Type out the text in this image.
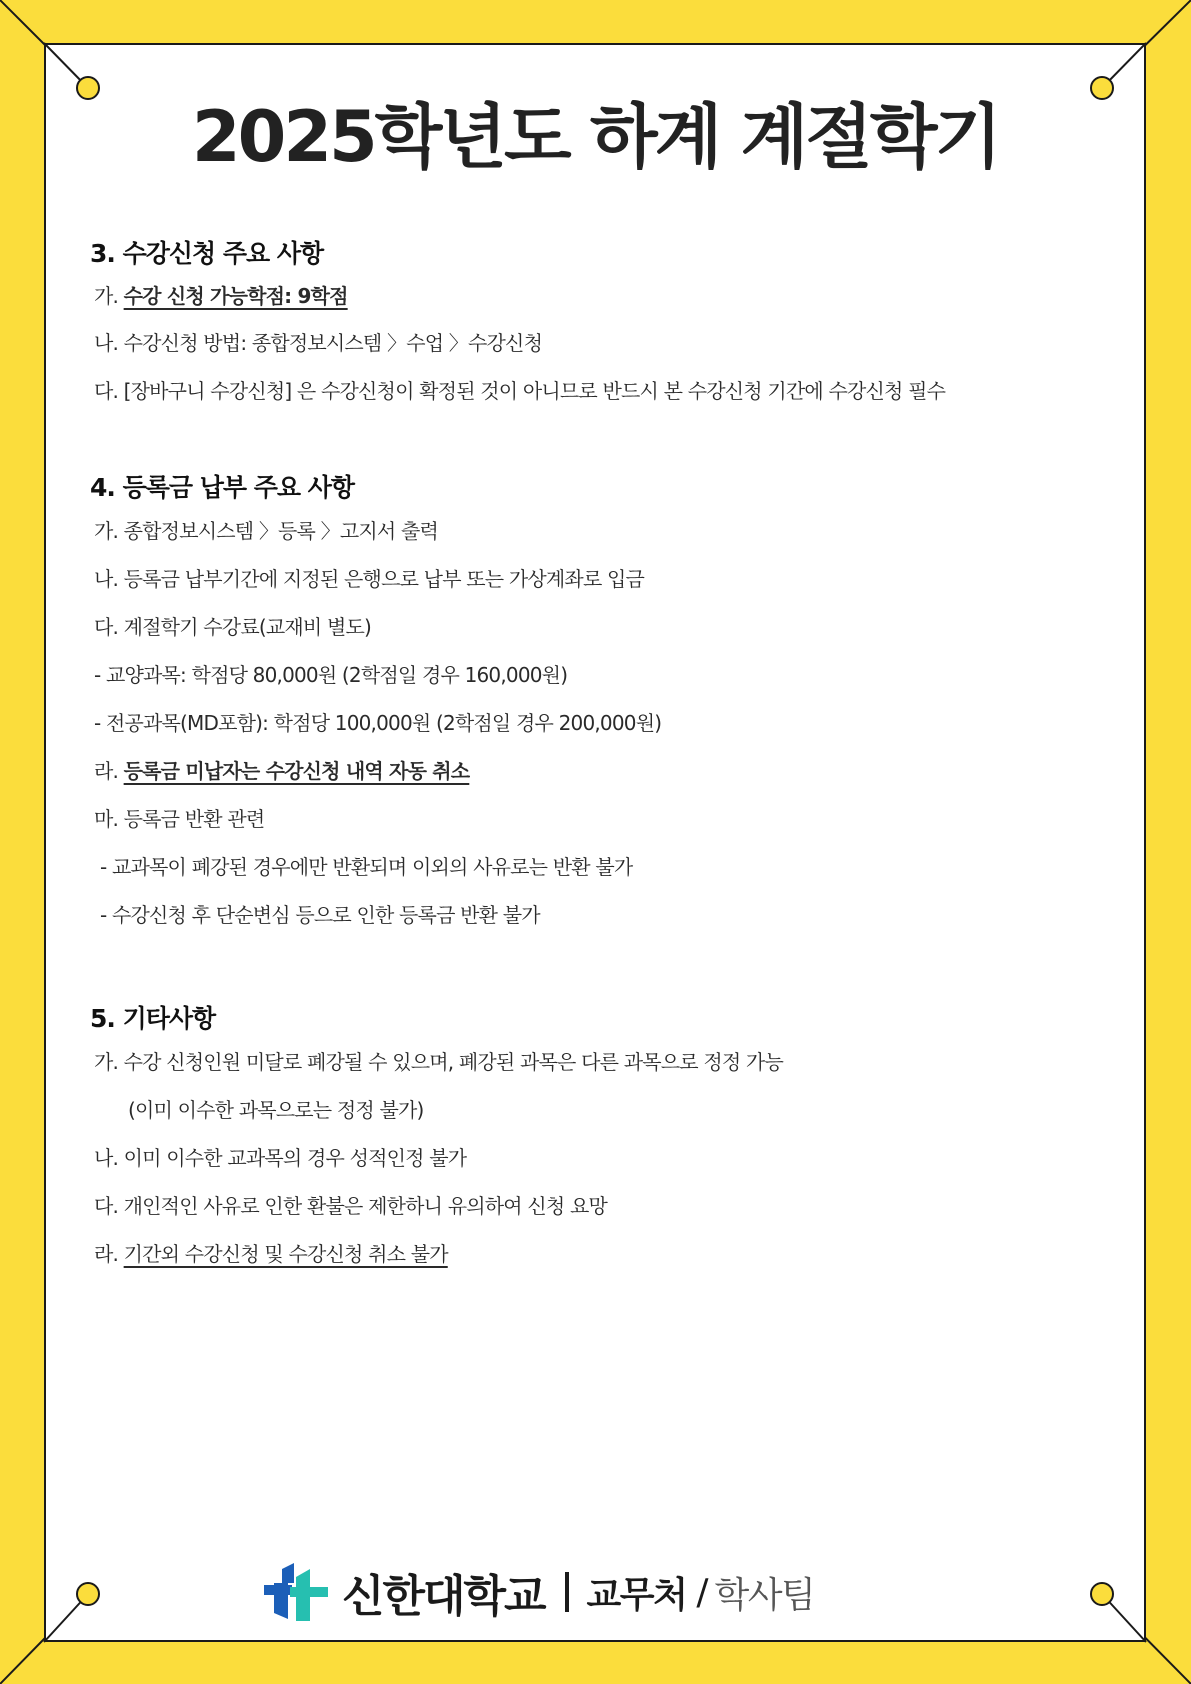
2025학년도 하계 계절학기
3. 수강신청 주요 사항
가. 수강 신청 가능학점: 9학점
나. 수강신청 방법: 종합정보시스템 〉수업 〉수강신청
다. [장바구니 수강신청] 은 수강신청이 확정된 것이 아니므로 반드시 본 수강신청 기간에 수강신청 필수
4. 등록금 납부 주요 사항
가. 종합정보시스템 〉등록 〉고지서 출력
나. 등록금 납부기간에 지정된 은행으로 납부 또는 가상계좌로 입금
다. 계절학기 수강료(교재비 별도)
- 교양과목: 학점당 80,000원 (2학점일 경우 160,000원)
- 전공과목(MD포함): 학점당 100,000원 (2학점일 경우 200,000원)
라. 등록금 미납자는 수강신청 내역 자동 취소
마. 등록금 반환 관련
- 교과목이 폐강된 경우에만 반환되며 이외의 사유로는 반환 불가
- 수강신청 후 단순변심 등으로 인한 등록금 반환 불가
5. 기타사항
가. 수강 신청인원 미달로 폐강될 수 있으며, 폐강된 과목은 다른 과목으로 정정 가능
(이미 이수한 과목으로는 정정 불가)
나. 이미 이수한 교과목의 경우 성적인정 불가
다. 개인적인 사유로 인한 환불은 제한하니 유의하여 신청 요망
라. 기간외 수강신청 및 수강신청 취소 불가
신한대학교 교무처 / 학사팀
